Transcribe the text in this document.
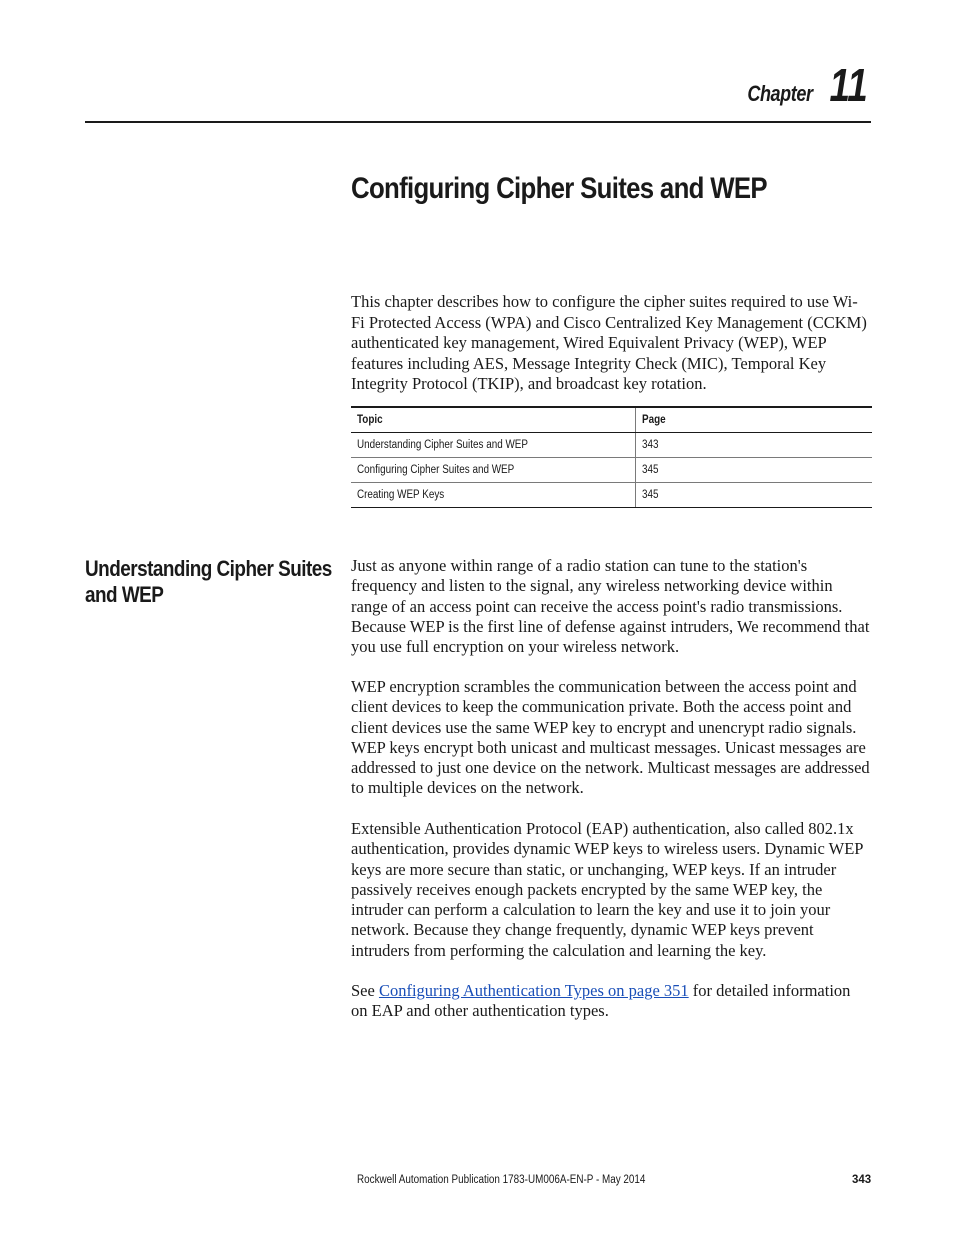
Chapter 11
Configuring Cipher Suites and WEP

This chapter describes how to configure the cipher suites required to use Wi-Fi Protected Access (WPA) and Cisco Centralized Key Management (CCKM) authenticated key management, Wired Equivalent Privacy (WEP), WEP features including AES, Message Integrity Check (MIC), Temporal Key Integrity Protocol (TKIP), and broadcast key rotation.

Topic	Page
Understanding Cipher Suites and WEP	343
Configuring Cipher Suites and WEP	345
Creating WEP Keys	345
Understanding Cipher Suites
and WEP

Just as anyone within range of a radio station can tune to the station's frequency and listen to the signal, any wireless networking device within range of an access point can receive the access point's radio transmissions. Because WEP is the first line of defense against intruders, We recommend that you use full encryption on your wireless network.

WEP encryption scrambles the communication between the access point and client devices to keep the communication private. Both the access point and client devices use the same WEP key to encrypt and unencrypt radio signals. WEP keys encrypt both unicast and multicast messages. Unicast messages are addressed to just one device on the network. Multicast messages are addressed to multiple devices on the network.

Extensible Authentication Protocol (EAP) authentication, also called 802.1x authentication, provides dynamic WEP keys to wireless users. Dynamic WEP keys are more secure than static, or unchanging, WEP keys. If an intruder passively receives enough packets encrypted by the same WEP key, the intruder can perform a calculation to learn the key and use it to join your network. Because they change frequently, dynamic WEP keys prevent intruders from performing the calculation and learning the key.

See Configuring Authentication Types on page 351 for detailed information on EAP and other authentication types.

Rockwell Automation Publication 1783-UM006A-EN-P - May 2014	343
